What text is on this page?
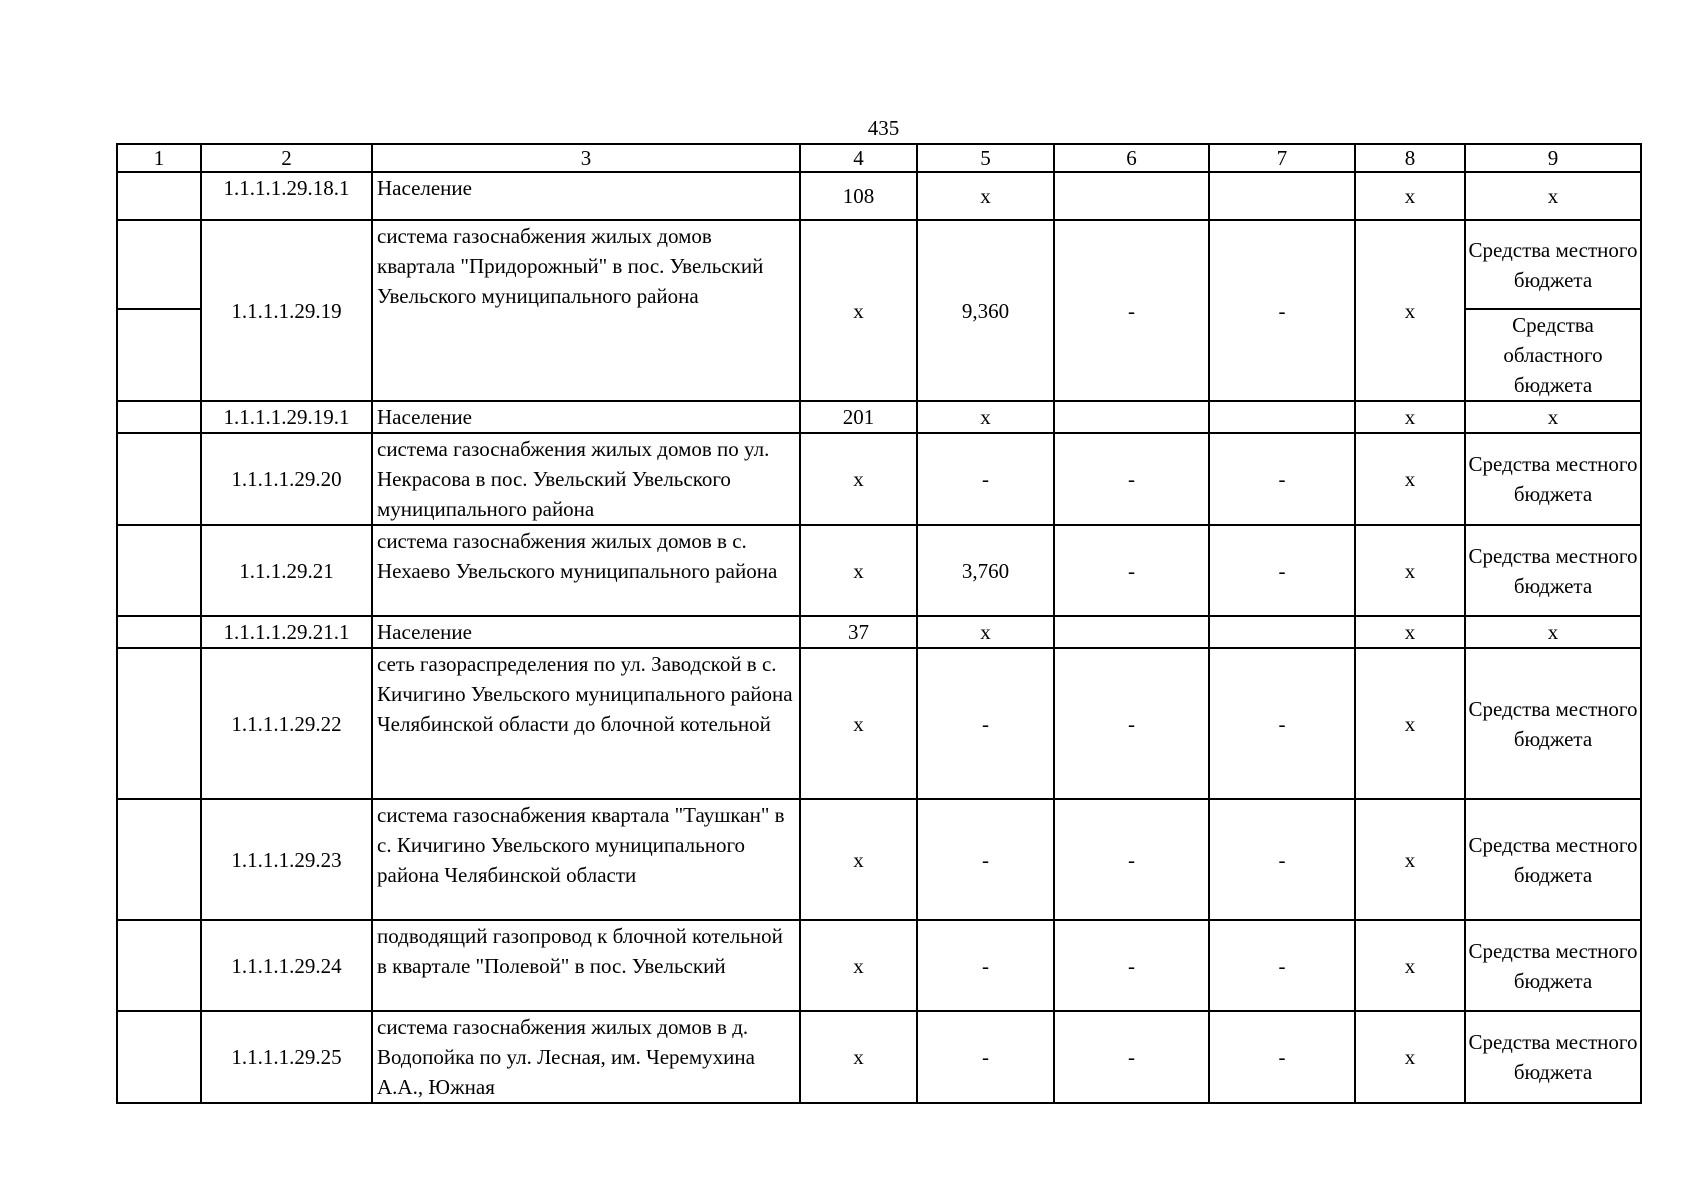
435
1	2	3	4	5	6	7	8	9
	1.1.1.1.29.18.1	Население	108	х			х	х
	1.1.1.1.29.19	система газоснабжения жилых домов квартала "Придорожный" в пос. Увельский Увельского муниципального района	х	9,360	-	-	х	Средства местного бюджета
								Средства областного бюджета
	1.1.1.1.29.19.1	Население	201	х			х	х
	1.1.1.1.29.20	система газоснабжения жилых домов по ул. Некрасова в пос. Увельский Увельского муниципального района	х	-	-	-	х	Средства местного бюджета
	1.1.1.29.21	система газоснабжения жилых домов в с. Нехаево Увельского муниципального района	х	3,760	-	-	х	Средства местного бюджета
	1.1.1.1.29.21.1	Население	37	х			х	х
	1.1.1.1.29.22	сеть газораспределения по ул. Заводской в с. Кичигино Увельского муниципального района Челябинской области до блочной котельной	х	-	-	-	х	Средства местного бюджета
	1.1.1.1.29.23	система газоснабжения квартала "Таушкан" в с. Кичигино Увельского муниципального района Челябинской области	х	-	-	-	х	Средства местного бюджета
	1.1.1.1.29.24	подводящий газопровод к блочной котельной в квартале "Полевой" в пос. Увельский	х	-	-	-	х	Средства местного бюджета
	1.1.1.1.29.25	система газоснабжения жилых домов в д. Водопойка по ул. Лесная, им. Черемухина А.А., Южная	х	-	-	-	х	Средства местного бюджета
